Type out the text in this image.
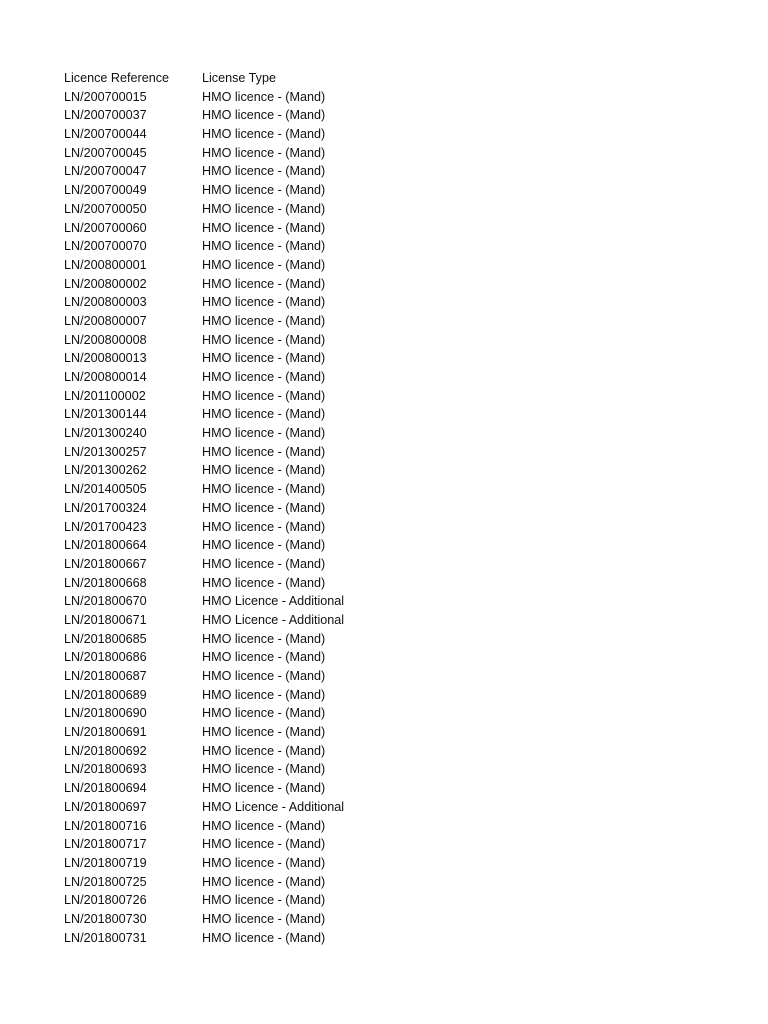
Licence Reference	License Type
LN/200700015	HMO licence - (Mand)
LN/200700037	HMO licence - (Mand)
LN/200700044	HMO licence - (Mand)
LN/200700045	HMO licence - (Mand)
LN/200700047	HMO licence - (Mand)
LN/200700049	HMO licence - (Mand)
LN/200700050	HMO licence - (Mand)
LN/200700060	HMO licence - (Mand)
LN/200700070	HMO licence - (Mand)
LN/200800001	HMO licence - (Mand)
LN/200800002	HMO licence - (Mand)
LN/200800003	HMO licence - (Mand)
LN/200800007	HMO licence - (Mand)
LN/200800008	HMO licence - (Mand)
LN/200800013	HMO licence - (Mand)
LN/200800014	HMO licence - (Mand)
LN/201100002	HMO licence - (Mand)
LN/201300144	HMO licence - (Mand)
LN/201300240	HMO licence - (Mand)
LN/201300257	HMO licence - (Mand)
LN/201300262	HMO licence - (Mand)
LN/201400505	HMO licence - (Mand)
LN/201700324	HMO licence - (Mand)
LN/201700423	HMO licence - (Mand)
LN/201800664	HMO licence - (Mand)
LN/201800667	HMO licence - (Mand)
LN/201800668	HMO licence - (Mand)
LN/201800670	HMO Licence - Additional
LN/201800671	HMO Licence - Additional
LN/201800685	HMO licence - (Mand)
LN/201800686	HMO licence - (Mand)
LN/201800687	HMO licence - (Mand)
LN/201800689	HMO licence - (Mand)
LN/201800690	HMO licence - (Mand)
LN/201800691	HMO licence - (Mand)
LN/201800692	HMO licence - (Mand)
LN/201800693	HMO licence - (Mand)
LN/201800694	HMO licence - (Mand)
LN/201800697	HMO Licence - Additional
LN/201800716	HMO licence - (Mand)
LN/201800717	HMO licence - (Mand)
LN/201800719	HMO licence - (Mand)
LN/201800725	HMO licence - (Mand)
LN/201800726	HMO licence - (Mand)
LN/201800730	HMO licence - (Mand)
LN/201800731	HMO licence - (Mand)
